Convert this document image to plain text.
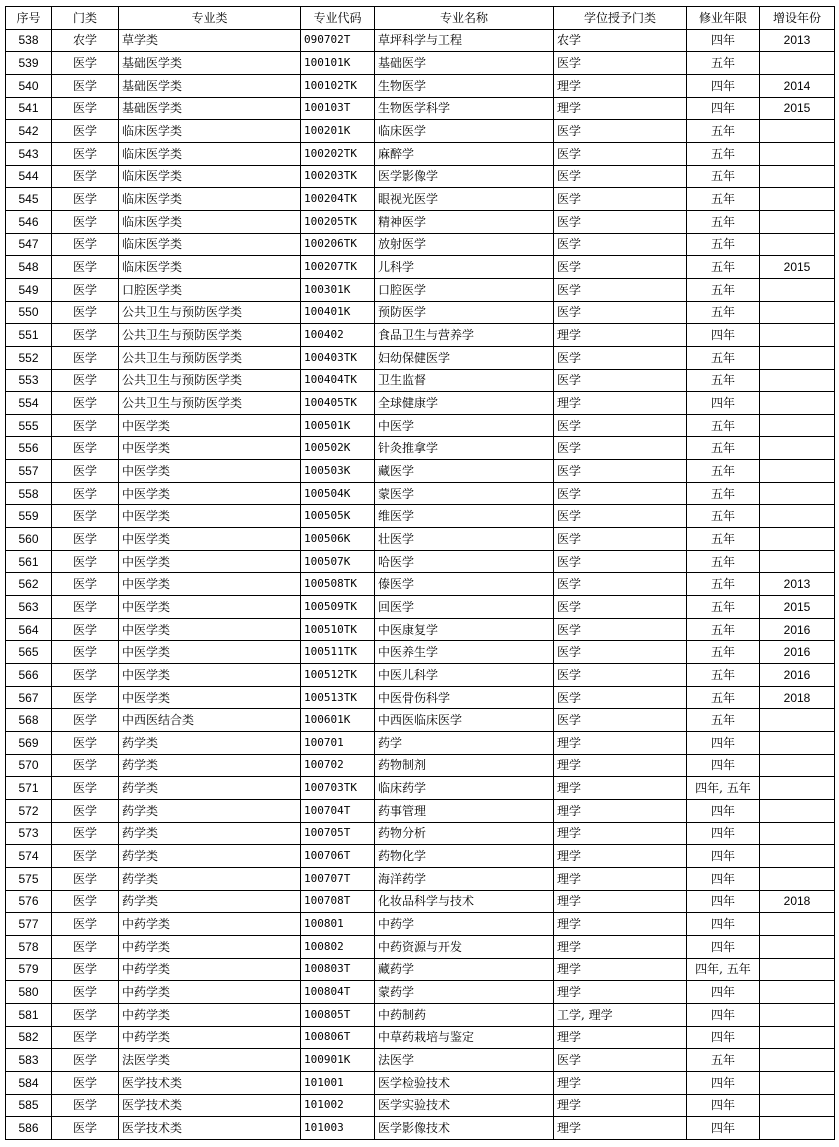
序号	门类	专业类	专业代码	专业名称	学位授予门类	修业年限	增设年份
538	农学	草学类	090702T	草坪科学与工程	农学	四年	2013
539	医学	基础医学类	100101K	基础医学	医学	五年	
540	医学	基础医学类	100102TK	生物医学	理学	四年	2014
541	医学	基础医学类	100103T	生物医学科学	理学	四年	2015
542	医学	临床医学类	100201K	临床医学	医学	五年	
543	医学	临床医学类	100202TK	麻醉学	医学	五年	
544	医学	临床医学类	100203TK	医学影像学	医学	五年	
545	医学	临床医学类	100204TK	眼视光医学	医学	五年	
546	医学	临床医学类	100205TK	精神医学	医学	五年	
547	医学	临床医学类	100206TK	放射医学	医学	五年	
548	医学	临床医学类	100207TK	儿科学	医学	五年	2015
549	医学	口腔医学类	100301K	口腔医学	医学	五年	
550	医学	公共卫生与预防医学类	100401K	预防医学	医学	五年	
551	医学	公共卫生与预防医学类	100402	食品卫生与营养学	理学	四年	
552	医学	公共卫生与预防医学类	100403TK	妇幼保健医学	医学	五年	
553	医学	公共卫生与预防医学类	100404TK	卫生监督	医学	五年	
554	医学	公共卫生与预防医学类	100405TK	全球健康学	理学	四年	
555	医学	中医学类	100501K	中医学	医学	五年	
556	医学	中医学类	100502K	针灸推拿学	医学	五年	
557	医学	中医学类	100503K	藏医学	医学	五年	
558	医学	中医学类	100504K	蒙医学	医学	五年	
559	医学	中医学类	100505K	维医学	医学	五年	
560	医学	中医学类	100506K	壮医学	医学	五年	
561	医学	中医学类	100507K	哈医学	医学	五年	
562	医学	中医学类	100508TK	傣医学	医学	五年	2013
563	医学	中医学类	100509TK	回医学	医学	五年	2015
564	医学	中医学类	100510TK	中医康复学	医学	五年	2016
565	医学	中医学类	100511TK	中医养生学	医学	五年	2016
566	医学	中医学类	100512TK	中医儿科学	医学	五年	2016
567	医学	中医学类	100513TK	中医骨伤科学	医学	五年	2018
568	医学	中西医结合类	100601K	中西医临床医学	医学	五年	
569	医学	药学类	100701	药学	理学	四年	
570	医学	药学类	100702	药物制剂	理学	四年	
571	医学	药学类	100703TK	临床药学	理学	四年, 五年	
572	医学	药学类	100704T	药事管理	理学	四年	
573	医学	药学类	100705T	药物分析	理学	四年	
574	医学	药学类	100706T	药物化学	理学	四年	
575	医学	药学类	100707T	海洋药学	理学	四年	
576	医学	药学类	100708T	化妆品科学与技术	理学	四年	2018
577	医学	中药学类	100801	中药学	理学	四年	
578	医学	中药学类	100802	中药资源与开发	理学	四年	
579	医学	中药学类	100803T	藏药学	理学	四年, 五年	
580	医学	中药学类	100804T	蒙药学	理学	四年	
581	医学	中药学类	100805T	中药制药	工学, 理学	四年	
582	医学	中药学类	100806T	中草药栽培与鉴定	理学	四年	
583	医学	法医学类	100901K	法医学	医学	五年	
584	医学	医学技术类	101001	医学检验技术	理学	四年	
585	医学	医学技术类	101002	医学实验技术	理学	四年	
586	医学	医学技术类	101003	医学影像技术	理学	四年	
